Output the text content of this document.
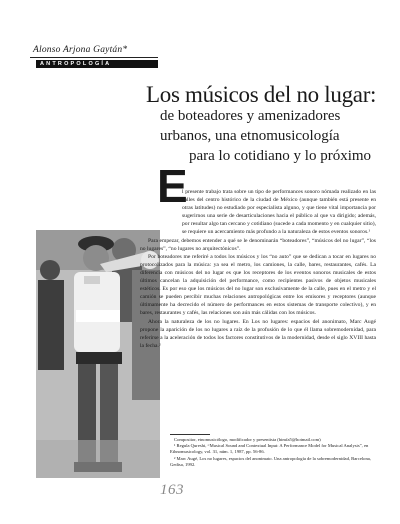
Alonso Arjona Gaytán*
ANTROPOLOGÍA
Los músicos del no lugar:
de boteadores y amenizadores
urbanos, una etnomusicología
para lo cotidiano y lo próximo
E

l presente trabajo trata sobre un tipo de performances sonoro nómada realizado en las calles del centro histórico de la ciudad de México (aunque también está presente en otras latitudes) no estudiado por especialista alguno, y que tiene vital importancia por sugerirnos una serie de desarticulaciones hacia el público al que va dirigido; además, por resultar algo tan cercano y cotidiano (sucede a cada momento y en cualquier sitio), se requiere un acercamiento más profundo a la naturaleza de estos eventos sonoros.¹

Para empezar, debemos entender a qué se le denominarán “boteadores”, “músicos del no lugar”, “los no lugares”, “no lugares no arquitectónicos”.

Por boteadores me referiré a todos los músicos y los “no auto” que se dedican a tocar en lugares no protocolizados para la música: ya sea el metro, los camiones, la calle, bares, restaurantes, cafés. La diferencia con músicos del no lugar es que los receptores de los eventos sonoros musicales de estos últimos cancelan la adquisición del performance, como recipientes pasivos de objetos musicales estéticos. Es por eso que los músicos del no lugar son exclusivamente de la calle, pues en el metro y el camión se pueden percibir muchas relaciones antropológicas entre los emisores y receptores (aunque últimamente ha decrecido el número de performances en estos sistemas de transporte colectivo), y en bares, restaurantes y cafés, las relaciones son aún más cálidas con los músicos.

Ahora la naturaleza de los no lugares. En Los no lugares: espacios del anonimato, Marc Augé propone la aparición de los no lugares a raíz de la profusión de lo que él llama sobremodernidad, para referirse a la aceleración de todos los factores constitutivos de la modernidad, desde el siglo XVIII hasta la fecha.²

Compositor, etnomusicólogo, modificador y presentista (bimfa5@hotmail.com)
¹ Regula Qureshi, “Musical Sound and Contextual Input: A Performance Model for Musical Analysis”, en Ethnomusicology, vol. 31, núm. 1, 1987, pp. 56-86.
² Marc Augé, Los no lugares, espacios del anonimato. Una antropología de la sobremodernidad, Barcelona, Gedisa, 1992.
163
